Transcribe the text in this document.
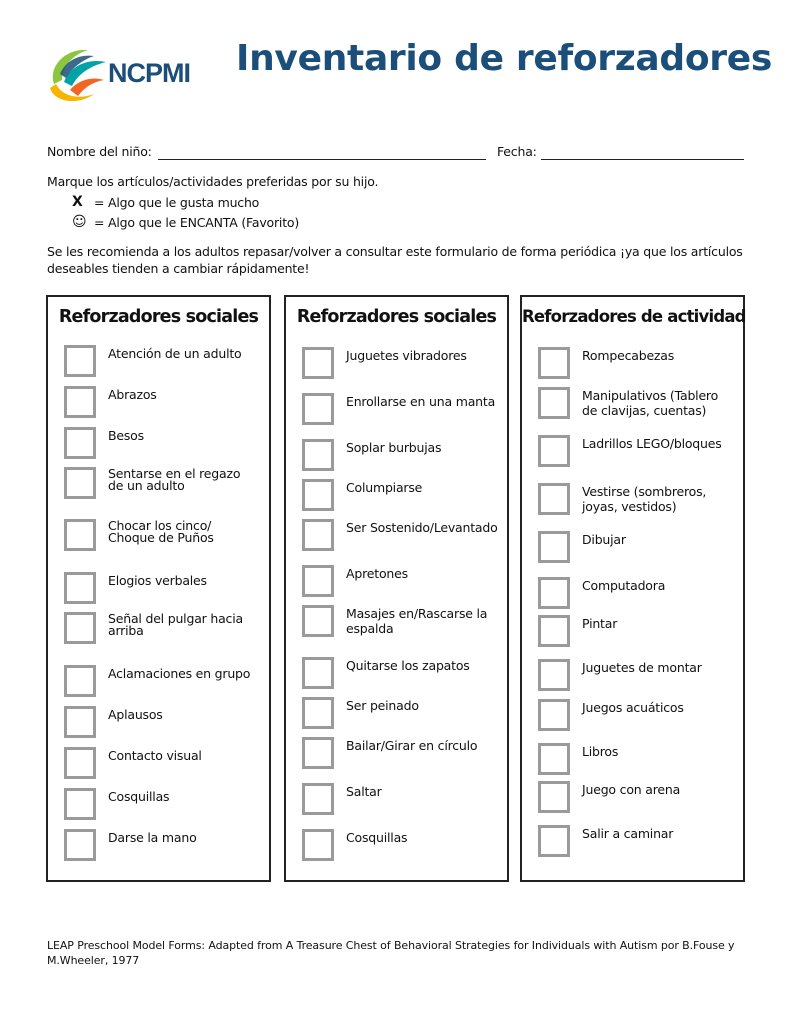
NCPMI Inventario de reforzadores
Nombre del niño:	Fecha:
Marque los artículos/actividades preferidas por su hijo.
X = Algo que le gusta mucho
☺ = Algo que le ENCANTA (Favorito)
Se les recomienda a los adultos repasar/volver a consultar este formulario de forma periódica ¡ya que los artículos deseables tienden a cambiar rápidamente!
Reforzadores sociales
Atención de un adulto
Abrazos
Besos
Sentarse en el regazo de un adulto
Chocar los cinco/ Choque de Puños
Elogios verbales
Señal del pulgar hacia arriba
Aclamaciones en grupo
Aplausos
Contacto visual
Cosquillas
Darse la mano
Reforzadores sociales
Juguetes vibradores
Enrollarse en una manta
Soplar burbujas
Columpiarse
Ser Sostenido/Levantado
Apretones
Masajes en/Rascarse la espalda
Quitarse los zapatos
Ser peinado
Bailar/Girar en círculo
Saltar
Cosquillas
Reforzadores de actividad
Rompecabezas
Manipulativos (Tablero de clavijas, cuentas)
Ladrillos LEGO/bloques
Vestirse (sombreros, joyas, vestidos)
Dibujar
Computadora
Pintar
Juguetes de montar
Juegos acuáticos
Libros
Juego con arena
Salir a caminar
LEAP Preschool Model Forms: Adapted from A Treasure Chest of Behavioral Strategies for Individuals with Autism por B.Fouse y M.Wheeler, 1977
